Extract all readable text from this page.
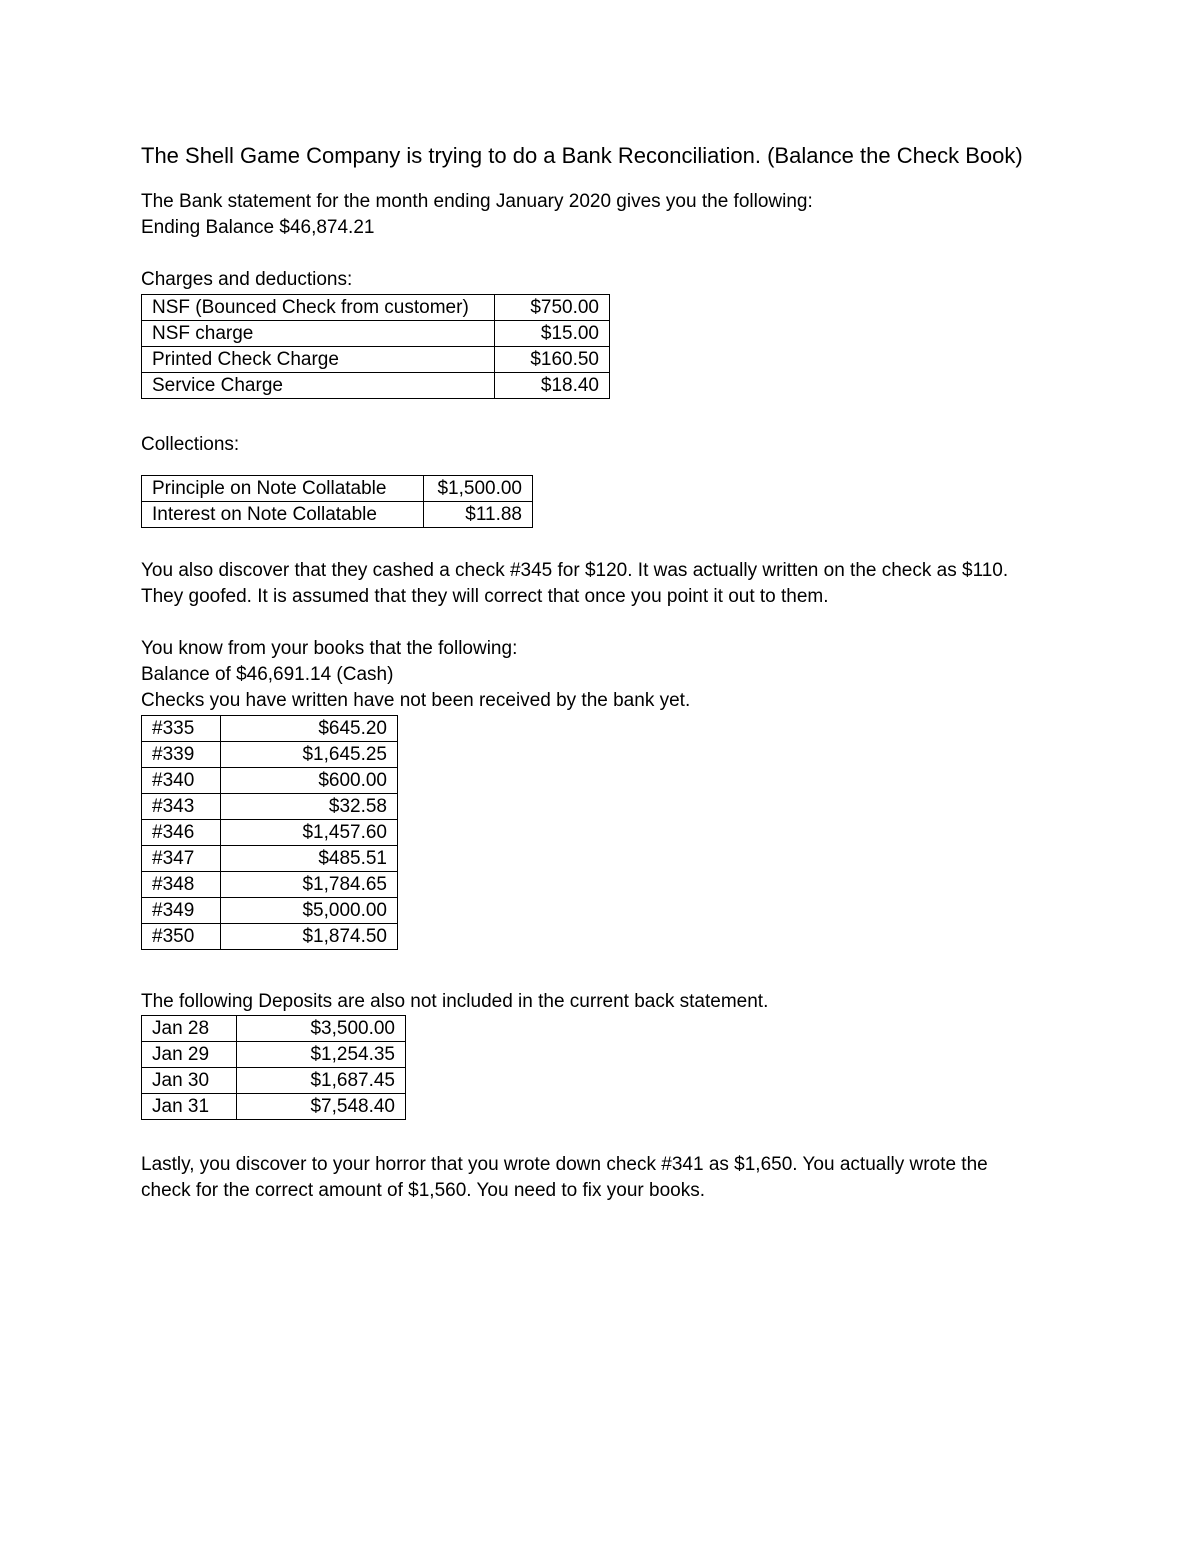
The Shell Game Company is trying to do a Bank Reconciliation. (Balance the Check Book)

The Bank statement for the month ending January 2020 gives you the following:
Ending Balance $46,874.21

Charges and deductions:

NSF (Bounced Check from customer)	$750.00
NSF charge	$15.00
Printed Check Charge	$160.50
Service Charge	$18.40

Collections:

Principle on Note Collatable	$1,500.00
Interest on Note Collatable	$11.88

You also discover that they cashed a check #345 for $120. It was actually written on the check as $110.
They goofed. It is assumed that they will correct that once you point it out to them.

You know from your books that the following:
Balance of $46,691.14 (Cash)
Checks you have written have not been received by the bank yet.

#335	$645.20
#339	$1,645.25
#340	$600.00
#343	$32.58
#346	$1,457.60
#347	$485.51
#348	$1,784.65
#349	$5,000.00
#350	$1,874.50

The following Deposits are also not included in the current back statement.

Jan 28	$3,500.00
Jan 29	$1,254.35
Jan 30	$1,687.45
Jan 31	$7,548.40

Lastly, you discover to your horror that you wrote down check #341 as $1,650. You actually wrote the
check for the correct amount of $1,560. You need to fix your books.
